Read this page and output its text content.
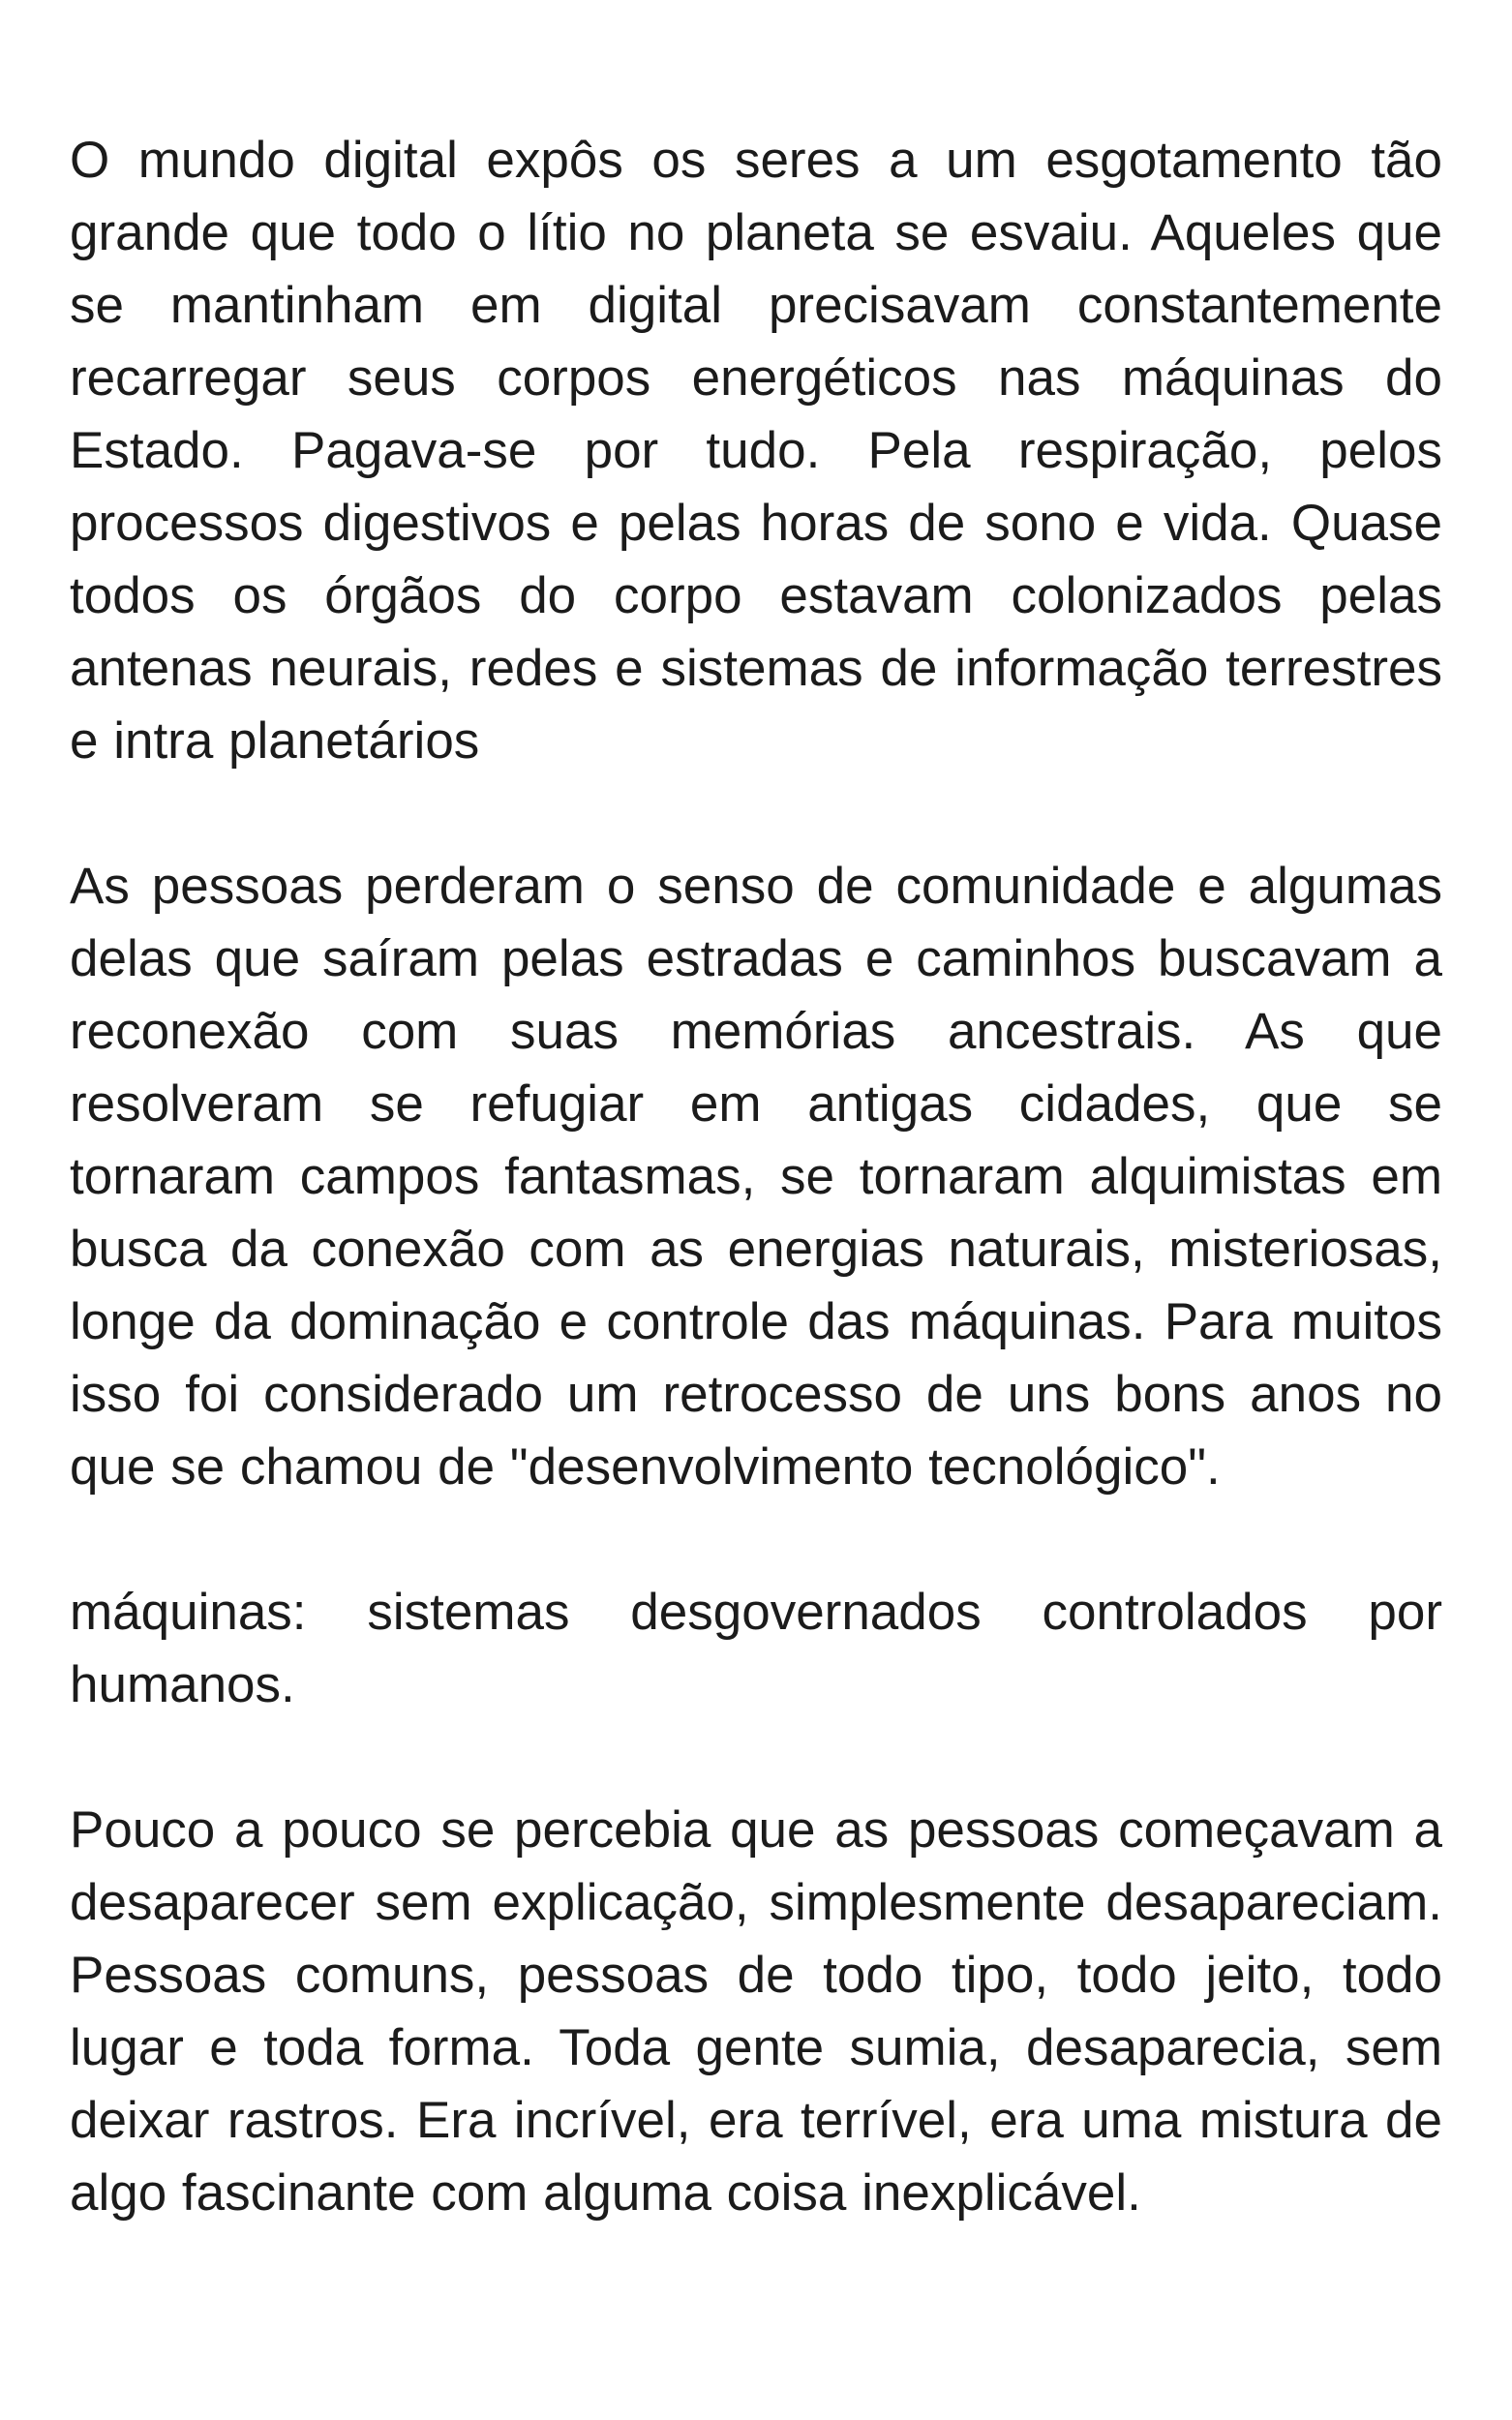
O mundo digital expôs os seres a um esgotamento tão grande que todo o lítio no planeta se esvaiu. Aqueles que se mantinham em digital precisavam constantemente recarregar seus corpos energéticos nas máquinas do Estado. Pagava-se por tudo. Pela respiração, pelos processos digestivos e pelas horas de sono e vida. Quase todos os órgãos do corpo estavam colonizados pelas antenas neurais, redes e sistemas de informação terrestres e intra planetários

As pessoas perderam o senso de comunidade e algumas delas que saíram pelas estradas e caminhos buscavam a reconexão com suas memórias ancestrais. As que resolveram se refugiar em antigas cidades, que se tornaram campos fantasmas, se tornaram alquimistas em busca da conexão com as energias naturais, misteriosas, longe da dominação e controle das máquinas. Para muitos isso foi considerado um retrocesso de uns bons anos no que se chamou de "desenvolvimento tecnológico".

máquinas: sistemas desgovernados controlados por humanos.

Pouco a pouco se percebia que as pessoas começavam a desaparecer sem explicação, simplesmente desapareciam. Pessoas comuns, pessoas de todo tipo, todo jeito, todo lugar e toda forma. Toda gente sumia, desaparecia, sem deixar rastros. Era incrível, era terrível, era uma mistura de algo fascinante com alguma coisa inexplicável.
